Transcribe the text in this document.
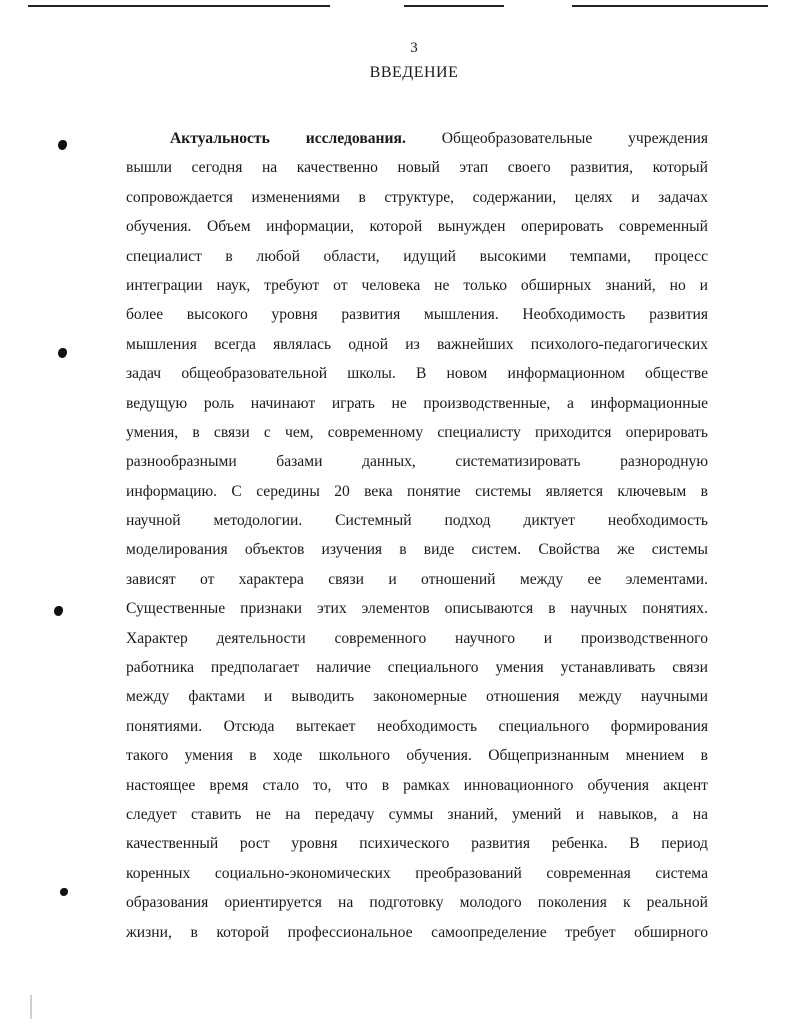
3
ВВЕДЕНИЕ
Актуальность исследования. Общеобразовательные учреждения
вышли сегодня на качественно новый этап своего развития, который
сопровождается изменениями в структуре, содержании, целях и задачах
обучения. Объем информации, которой вынужден оперировать современный
специалист в любой области, идущий высокими темпами, процесс
интеграции наук, требуют от человека не только обширных знаний, но и
более высокого уровня развития мышления. Необходимость развития
мышления всегда являлась одной из важнейших психолого-педагогических
задач общеобразовательной школы. В новом информационном обществе
ведущую роль начинают играть не производственные, а информационные
умения, в связи с чем, современному специалисту приходится оперировать
разнообразными базами данных, систематизировать разнородную
информацию. С середины 20 века понятие системы является ключевым в
научной методологии. Системный подход диктует необходимость
моделирования объектов изучения в виде систем. Свойства же системы
зависят от характера связи и отношений между ее элементами.
Существенные признаки этих элементов описываются в научных понятиях.
Характер деятельности современного научного и производственного
работника предполагает наличие специального умения устанавливать связи
между фактами и выводить закономерные отношения между научными
понятиями. Отсюда вытекает необходимость специального формирования
такого умения в ходе школьного обучения. Общепризнанным мнением в
настоящее время стало то, что в рамках инновационного обучения акцент
следует ставить не на передачу суммы знаний, умений и навыков, а на
качественный рост уровня психического развития ребенка. В период
коренных социально-экономических преобразований современная система
образования ориентируется на подготовку молодого поколения к реальной
жизни, в которой профессиональное самоопределение требует обширного
